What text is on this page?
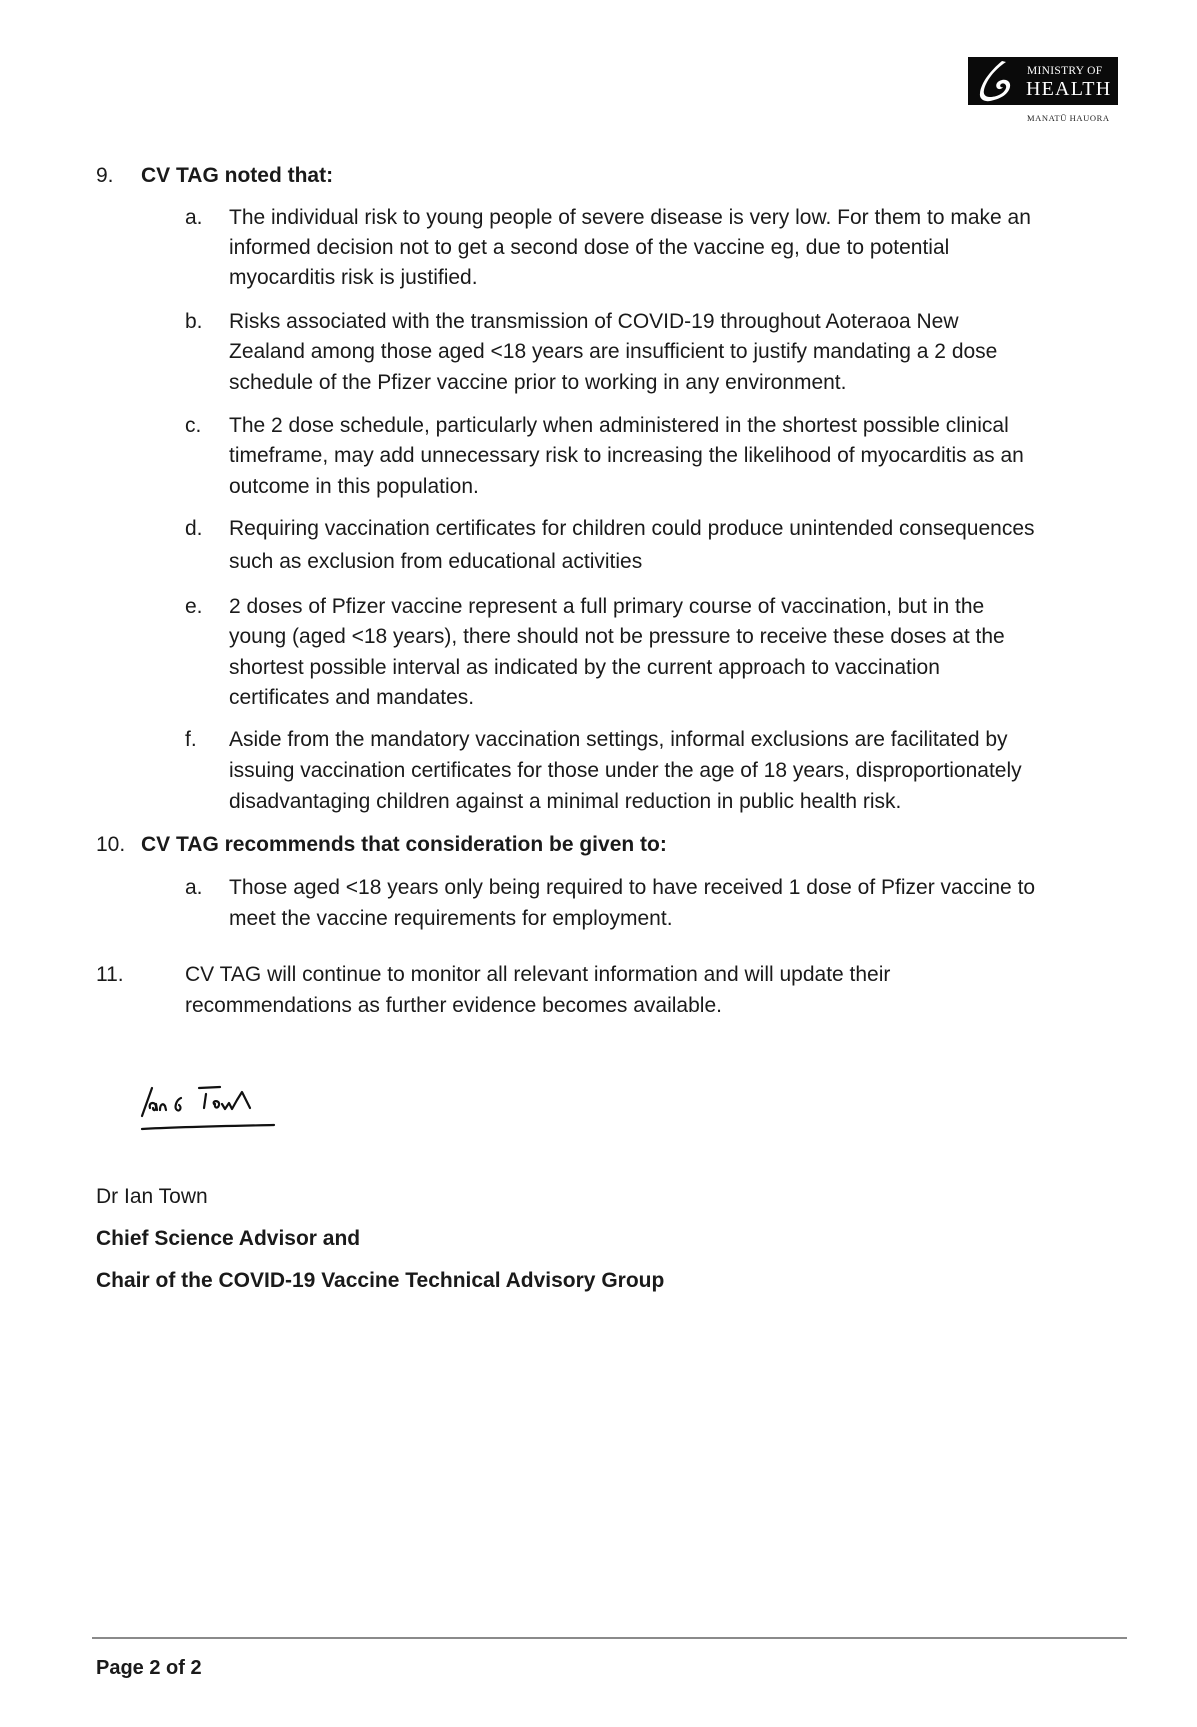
MINISTRY OF
HEALTH
MANATŪ HAUORA
9. CV TAG noted that:
a. The individual risk to young people of severe disease is very low. For them to make an
informed decision not to get a second dose of the vaccine eg, due to potential
myocarditis risk is justified.
b. Risks associated with the transmission of COVID-19 throughout Aoteraoa New
Zealand among those aged <18 years are insufficient to justify mandating a 2 dose
schedule of the Pfizer vaccine prior to working in any environment.
c. The 2 dose schedule, particularly when administered in the shortest possible clinical
timeframe, may add unnecessary risk to increasing the likelihood of myocarditis as an
outcome in this population.
d. Requiring vaccination certificates for children could produce unintended consequences
such as exclusion from educational activities
e. 2 doses of Pfizer vaccine represent a full primary course of vaccination, but in the
young (aged <18 years), there should not be pressure to receive these doses at the
shortest possible interval as indicated by the current approach to vaccination
certificates and mandates.
f. Aside from the mandatory vaccination settings, informal exclusions are facilitated by
issuing vaccination certificates for those under the age of 18 years, disproportionately
disadvantaging children against a minimal reduction in public health risk.
10. CV TAG recommends that consideration be given to:
a. Those aged <18 years only being required to have received 1 dose of Pfizer vaccine to
meet the vaccine requirements for employment.
11.	CV TAG will continue to monitor all relevant information and will update their
recommendations as further evidence becomes available.
Dr Ian Town
Chief Science Advisor and
Chair of the COVID-19 Vaccine Technical Advisory Group
Page 2 of 2
